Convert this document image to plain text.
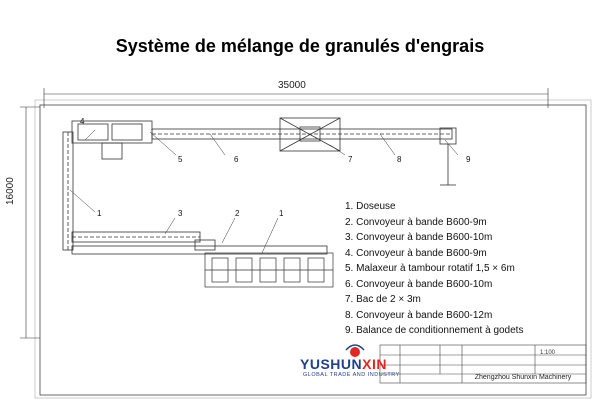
Système de mélange de granulés d'engrais
4
5	6	7	8	9
1	3	2	1
35000
16000
1. Doseuse
2. Convoyeur à bande B600-9m
3. Convoyeur à bande B600-10m
4. Convoyeur à bande B600-9m
5. Malaxeur à tambour rotatif 1,5 × 6m
6. Convoyeur à bande B600-10m
7. Bac de 2 × 3m
8. Convoyeur à bande B600-12m
9. Balance de conditionnement à godets
YUSHUNXIN
GLOBAL TRADE AND INDUSTRY
1:100
Zhengzhou Shunxin Machinery
